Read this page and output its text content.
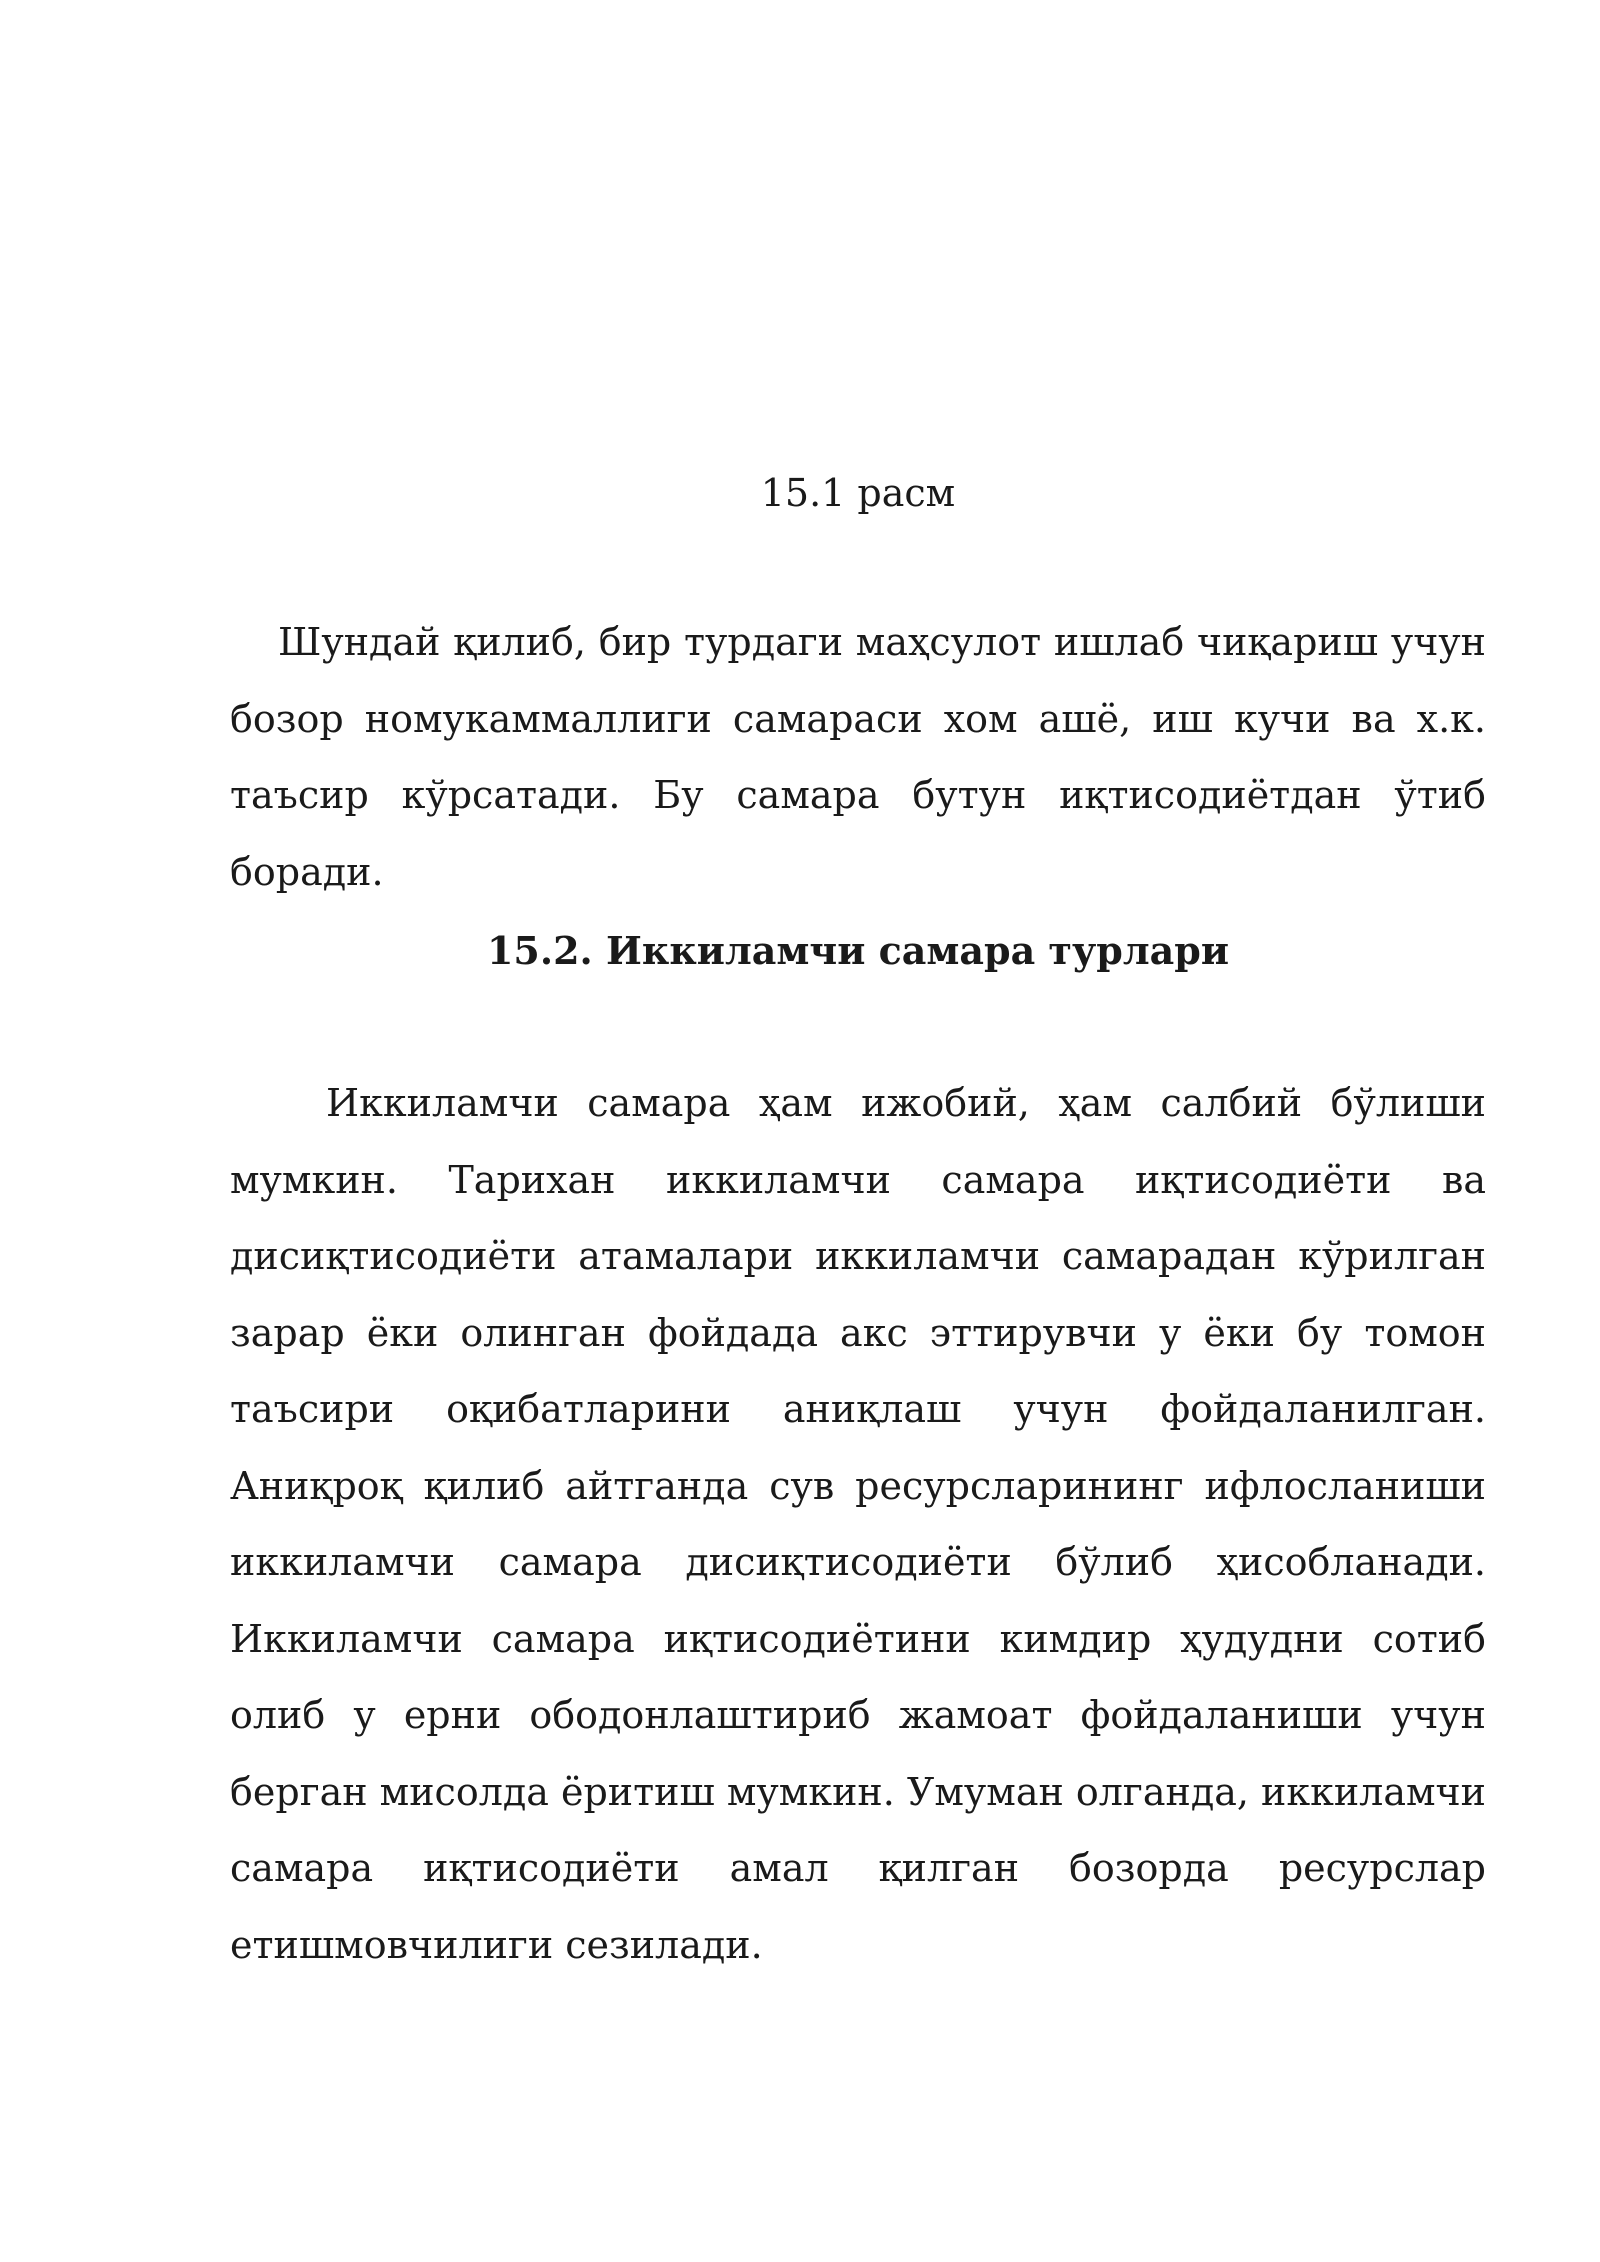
15.1 расм

Шундай қилиб, бир турдаги маҳсулот ишлаб чиқариш учун бозор номукаммаллиги самараси хом ашё, иш кучи ва х.к. таъсир кўрсатади. Бу самара бутун иқтисодиётдан ўтиб боради.

15.2. Иккиламчи самара турлари

Иккиламчи самара ҳам ижобий, ҳам салбий бўлиши мумкин. Тарихан иккиламчи самара иқтисодиёти ва дисиқтисодиёти атамалари иккиламчи самарадан кўрилган зарар ёки олинган фойдада акс эттирувчи у ёки бу томон таъсири оқибатларини аниқлаш учун фойдаланилган. Аниқроқ қилиб айтганда сув ресурсларининг ифлосланиши иккиламчи самара дисиқтисодиёти бўлиб ҳисобланади. Иккиламчи самара иқтисодиётини кимдир ҳудудни сотиб олиб у ерни ободонлаштириб жамоат фойдаланиши учун берган мисолда ёритиш мумкин. Умуман олганда, иккиламчи самара иқтисодиёти амал қилган бозорда ресурслар етишмовчилиги сезилади.
